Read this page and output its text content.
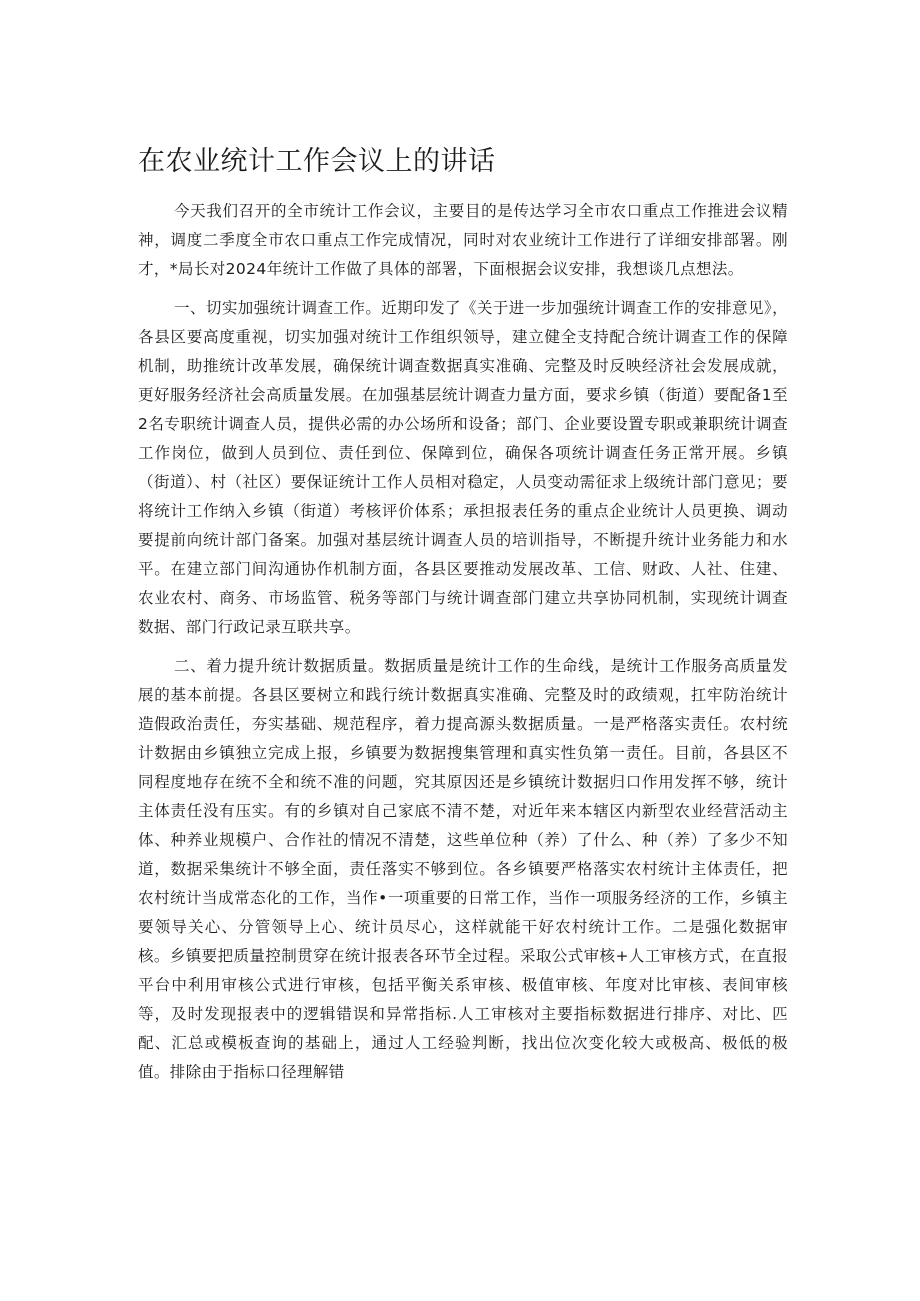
在农业统计工作会议上的讲话

今天我们召开的全市统计工作会议，主要目的是传达学习全市农口重点工作推进会议精神，调度二季度全市农口重点工作完成情况，同时对农业统计工作进行了详细安排部署。刚才，*局长对2024年统计工作做了具体的部署，下面根据会议安排，我想谈几点想法。

一、切实加强统计调查工作。近期印发了《关于进一步加强统计调查工作的安排意见》，各县区要高度重视，切实加强对统计工作组织领导，建立健全支持配合统计调查工作的保障机制，助推统计改革发展，确保统计调查数据真实准确、完整及时反映经济社会发展成就，更好服务经济社会高质量发展。在加强基层统计调查力量方面，要求乡镇（街道）要配备1至2名专职统计调查人员，提供必需的办公场所和设备；部门、企业要设置专职或兼职统计调查工作岗位，做到人员到位、责任到位、保障到位，确保各项统计调查任务正常开展。乡镇（街道）、村（社区）要保证统计工作人员相对稳定，人员变动需征求上级统计部门意见；要将统计工作纳入乡镇（街道）考核评价体系；承担报表任务的重点企业统计人员更换、调动要提前向统计部门备案。加强对基层统计调查人员的培训指导，不断提升统计业务能力和水平。在建立部门间沟通协作机制方面，各县区要推动发展改革、工信、财政、人社、住建、农业农村、商务、市场监管、税务等部门与统计调查部门建立共享协同机制，实现统计调查数据、部门行政记录互联共享。

二、着力提升统计数据质量。数据质量是统计工作的生命线，是统计工作服务高质量发展的基本前提。各县区要树立和践行统计数据真实准确、完整及时的政绩观，扛牢防治统计造假政治责任，夯实基础、规范程序，着力提高源头数据质量。一是严格落实责任。农村统计数据由乡镇独立完成上报，乡镇要为数据搜集管理和真实性负第一责任。目前，各县区不同程度地存在统不全和统不准的问题，究其原因还是乡镇统计数据归口作用发挥不够，统计主体责任没有压实。有的乡镇对自己家底不清不楚，对近年来本辖区内新型农业经营活动主体、种养业规模户、合作社的情况不清楚，这些单位种（养）了什么、种（养）了多少不知道，数据采集统计不够全面，责任落实不够到位。各乡镇要严格落实农村统计主体责任，把农村统计当成常态化的工作，当作•一项重要的日常工作，当作一项服务经济的工作，乡镇主要领导关心、分管领导上心、统计员尽心，这样就能干好农村统计工作。二是强化数据审核。乡镇要把质量控制贯穿在统计报表各环节全过程。采取公式审核+人工审核方式，在直报平台中利用审核公式进行审核，包括平衡关系审核、极值审核、年度对比审核、表间审核等，及时发现报表中的逻辑错误和异常指标.人工审核对主要指标数据进行排序、对比、匹配、汇总或模板查询的基础上，通过人工经验判断，找出位次变化较大或极高、极低的极值。排除由于指标口径理解错
